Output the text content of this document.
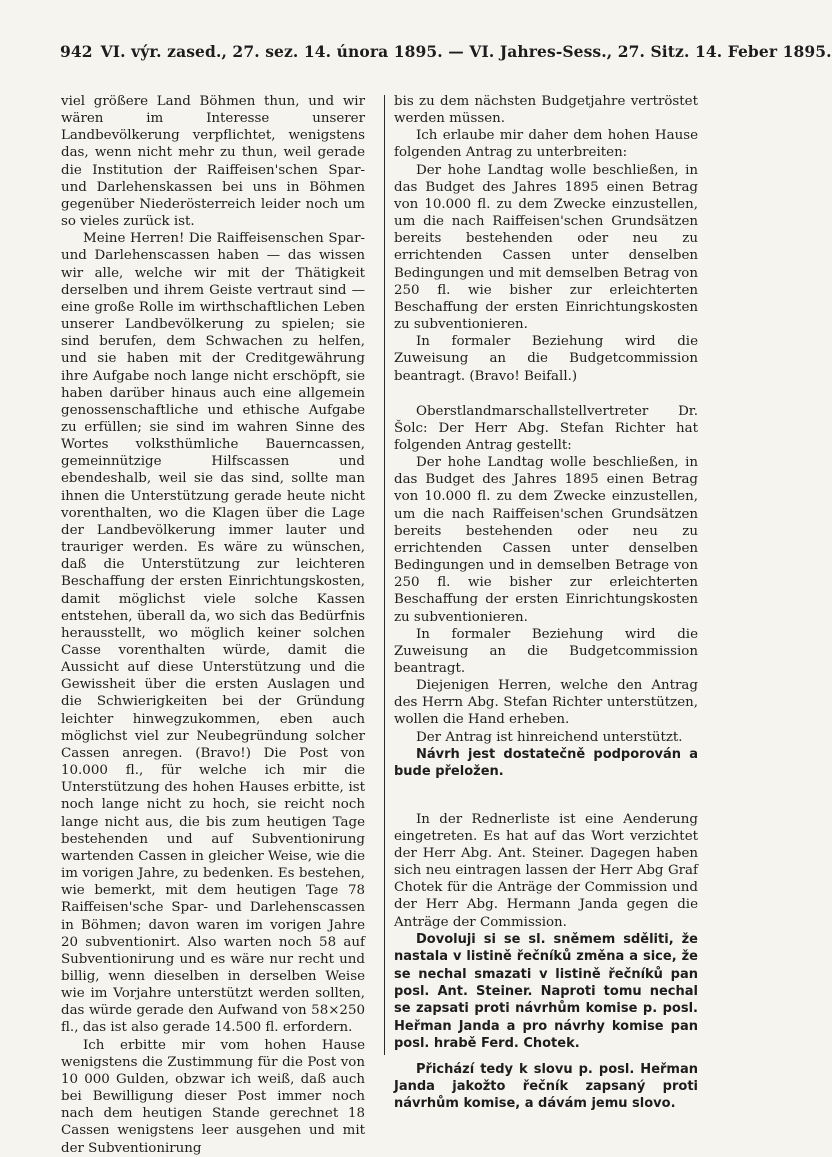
942 VI. výr. zased., 27. sez. 14. února 1895. — VI. Jahres-Sess., 27. Sitz. 14. Feber 1895.

viel größere Land Böhmen thun, und wir wären im Interesse unserer Landbevölkerung verpflichtet, wenigstens das, wenn nicht mehr zu thun, weil gerade die Institution der Raiffeisen'schen Spar- und Darlehenskassen bei uns in Böhmen gegenüber Niederösterreich leider noch um so vieles zurück ist.

Meine Herren! Die Raiffeisenschen Spar- und Darlehenscassen haben — das wissen wir alle, welche wir mit der Thätigkeit derselben und ihrem Geiste vertraut sind — eine große Rolle im wirthschaftlichen Leben unserer Landbevölkerung zu spielen; sie sind berufen, dem Schwachen zu helfen, und sie haben mit der Creditgewährung ihre Aufgabe noch lange nicht erschöpft, sie haben darüber hinaus auch eine allgemein genossenschaftliche und ethische Aufgabe zu erfüllen; sie sind im wahren Sinne des Wortes volksthümliche Bauerncassen, gemeinnützige Hilfscassen und ebendeshalb, weil sie das sind, sollte man ihnen die Unterstützung gerade heute nicht vorenthalten, wo die Klagen über die Lage der Landbevölkerung immer lauter und trauriger werden. Es wäre zu wünschen, daß die Unterstützung zur leichteren Beschaffung der ersten Einrichtungskosten, damit möglichst viele solche Kassen entstehen, überall da, wo sich das Bedürfnis herausstellt, wo möglich keiner solchen Casse vorenthalten würde, damit die Aussicht auf diese Unterstützung und die Gewissheit über die ersten Auslagen und die Schwierigkeiten bei der Gründung leichter hinwegzukommen, eben auch möglichst viel zur Neubegründung solcher Cassen anregen. (Bravo!) Die Post von 10.000 fl., für welche ich mir die Unterstützung des hohen Hauses erbitte, ist noch lange nicht zu hoch, sie reicht noch lange nicht aus, die bis zum heutigen Tage bestehenden und auf Subventionirung wartenden Cassen in gleicher Weise, wie die im vorigen Jahre, zu bedenken. Es bestehen, wie bemerkt, mit dem heutigen Tage 78 Raiffeisen'sche Spar- und Darlehenscassen in Böhmen; davon waren im vorigen Jahre 20 subventionirt. Also warten noch 58 auf Subventionirung und es wäre nur recht und billig, wenn dieselben in derselben Weise wie im Vorjahre unterstützt werden sollten, das würde gerade den Aufwand von 58×250 fl., das ist also gerade 14.500 fl. erfordern.

Ich erbitte mir vom hohen Hause wenigstens die Zustimmung für die Post von 10 000 Gulden, obzwar ich weiß, daß auch bei Bewilligung dieser Post immer noch nach dem heutigen Stande gerechnet 18 Cassen wenigstens leer ausgehen und mit der Subventionirung

bis zu dem nächsten Budgetjahre vertröstet werden müssen.

Ich erlaube mir daher dem hohen Hause folgenden Antrag zu unterbreiten:

Der hohe Landtag wolle beschließen, in das Budget des Jahres 1895 einen Betrag von 10.000 fl. zu dem Zwecke einzustellen, um die nach Raiffeisen'schen Grundsätzen bereits bestehenden oder neu zu errichtenden Cassen unter denselben Bedingungen und mit demselben Betrag von 250 fl. wie bisher zur erleichterten Beschaffung der ersten Einrichtungskosten zu subventionieren.

In formaler Beziehung wird die Zuweisung an die Budgetcommission beantragt. (Bravo! Beifall.)

Oberstlandmarschallstellvertreter Dr. Šolc: Der Herr Abg. Stefan Richter hat folgenden Antrag gestellt:

Der hohe Landtag wolle beschließen, in das Budget des Jahres 1895 einen Betrag von 10.000 fl. zu dem Zwecke einzustellen, um die nach Raiffeisen'schen Grundsätzen bereits bestehenden oder neu zu errichtenden Cassen unter denselben Bedingungen und in demselben Betrage von 250 fl. wie bisher zur erleichterten Beschaffung der ersten Einrichtungskosten zu subventionieren.

In formaler Beziehung wird die Zuweisung an die Budgetcommission beantragt.

Diejenigen Herren, welche den Antrag des Herrn Abg. Stefan Richter unterstützen, wollen die Hand erheben.

Der Antrag ist hinreichend unterstützt.

Návrh jest dostatečně podporován a bude přeložen.

In der Rednerliste ist eine Aenderung eingetreten. Es hat auf das Wort verzichtet der Herr Abg. Ant. Steiner. Dagegen haben sich neu eintragen lassen der Herr Abg Graf Chotek für die Anträge der Commission und der Herr Abg. Hermann Janda gegen die Anträge der Commission.

Dovoluji si se sl. sněmem sděliti, že nastala v listině řečníků změna a sice, že se nechal smazati v listině řečníků pan posl. Ant. Steiner. Naproti tomu nechal se zapsati proti návrhům komise p. posl. Heřman Janda a pro návrhy komise pan posl. hrabě Ferd. Chotek.

Přichází tedy k slovu p. posl. Heřman Janda jakožto řečník zapsaný proti návrhům komise, a dávám jemu slovo.
